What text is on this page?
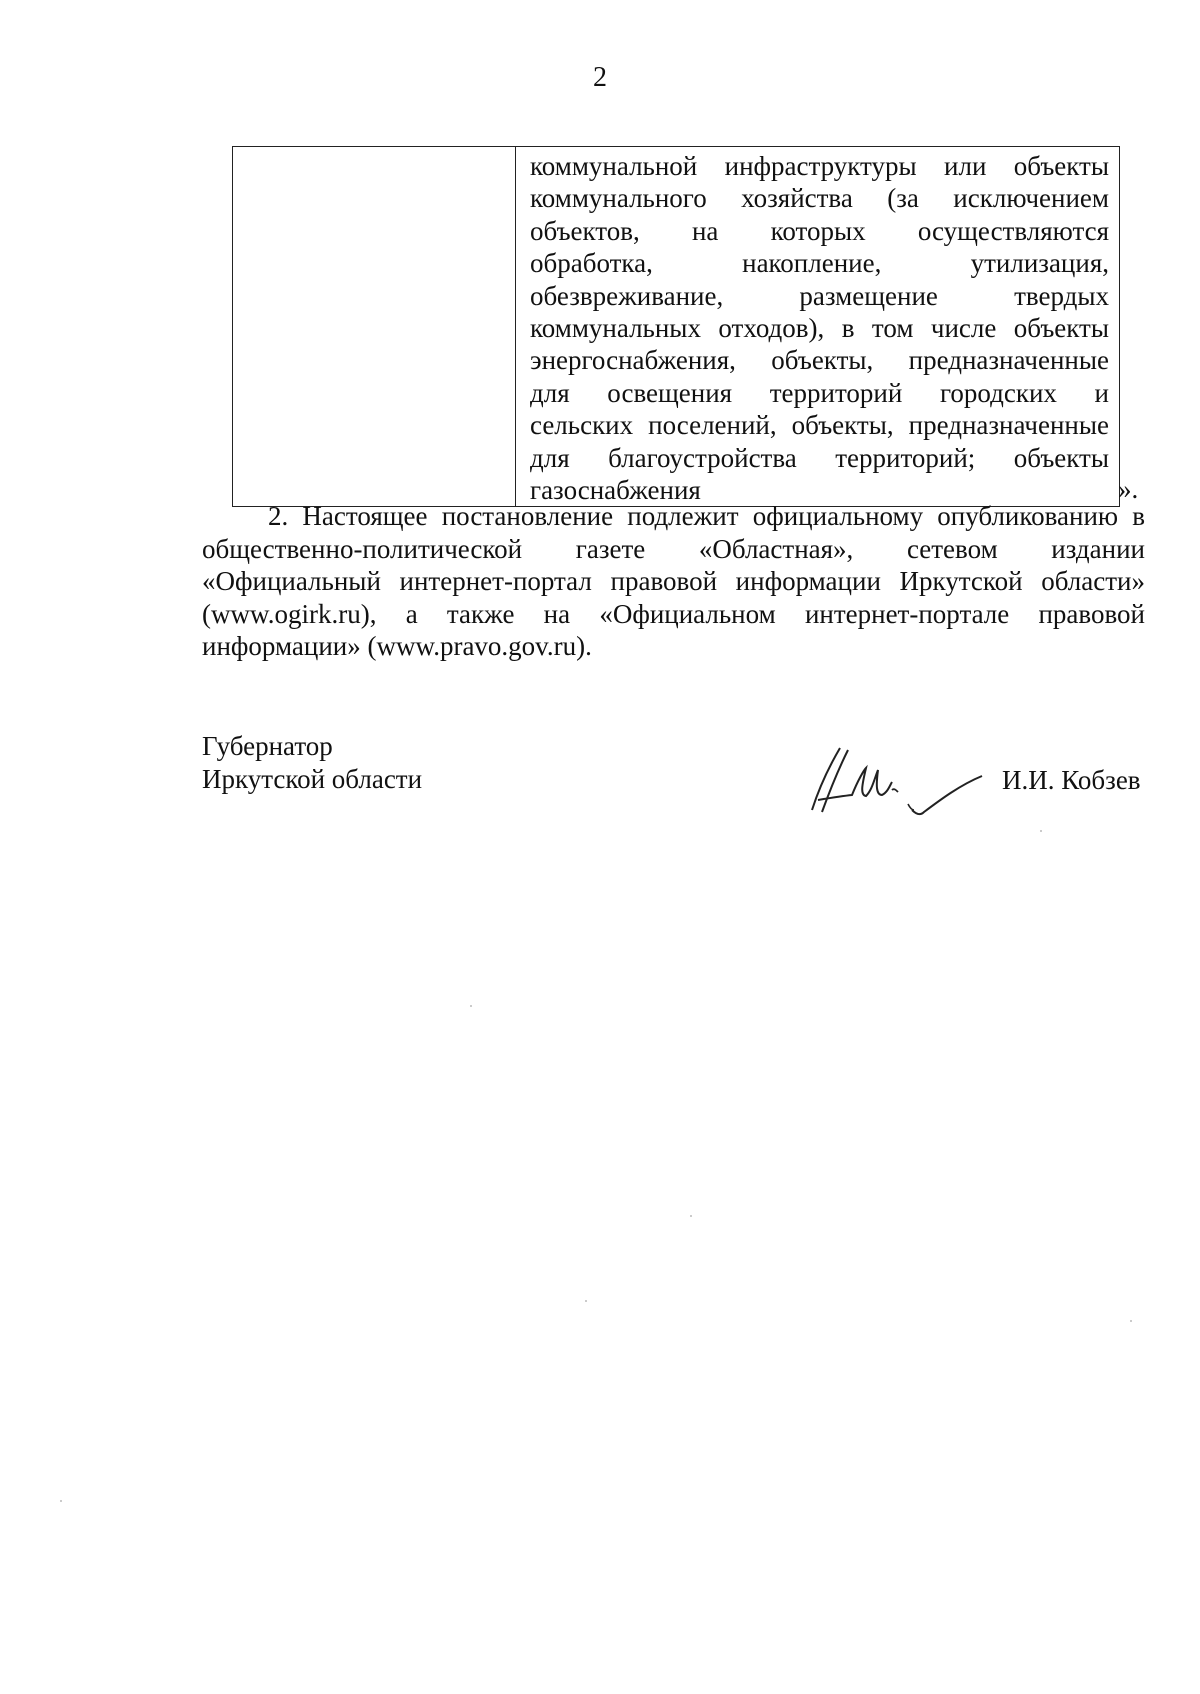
2

коммунальной инфраструктуры или объекты
коммунального хозяйства (за исключением
объектов, на которых осуществляются
обработка, накопление, утилизация,
обезвреживание, размещение твердых
коммунальных отходов), в том числе объекты
энергоснабжения, объекты, предназначенные
для освещения территорий городских и
сельских поселений, объекты, предназначенные
для благоустройства территорий; объекты
газоснабжения	».
2. Настоящее постановление подлежит официальному опубликованию в
общественно-политической газете «Областная», сетевом издании
«Официальный интернет-портал правовой информации Иркутской области»
(www.ogirk.ru), а также на «Официальном интернет-портале правовой
информации» (www.pravo.gov.ru).
Губернатор
Иркутской области	И.И. Кобзев
